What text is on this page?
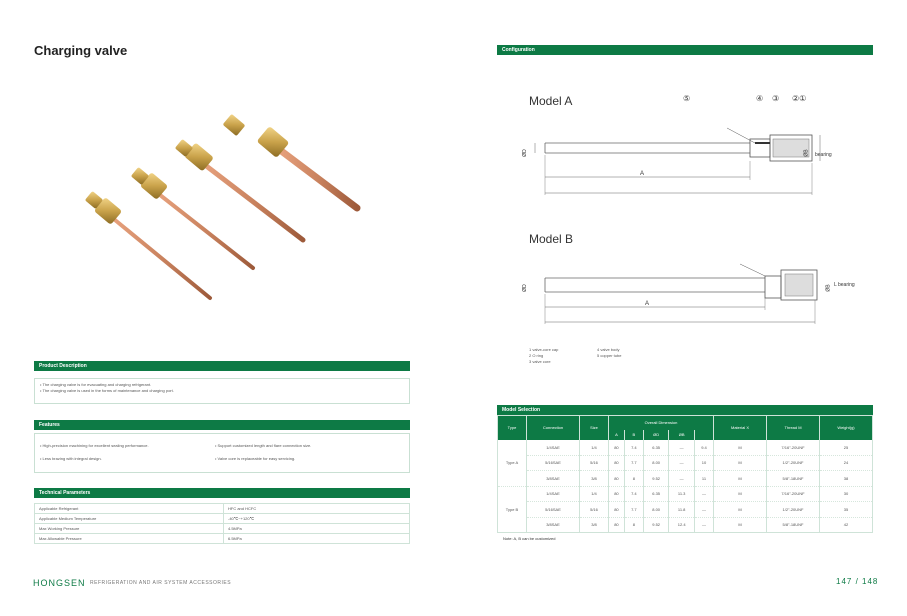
Charging valve
Product Description
• The charging valve is for evacuating and charging refrigerant.
• The charging valve is used in the forms of maintenance and charging port.
Features
• High-precision machining for excellent sealing performance.
• Less brazing with integral design.
• Support customized length and flare connection size.
• Valve core is replaceable for easy servicing.
Technical Parameters
Applicable Refrigerant	HFC and HCFC
Applicable Medium Temperature	-40℃~+120℃
Max Working Pressure	4.5MPa
Max Allowable Pressure	6.5MPa
HONGSEN REFRIGERATION AND AIR SYSTEM ACCESSORIES
Configuration
Model A	⑤	④ ③ ②①
ØD	ØB bearing
A
Model B
ØD	ØB L bearing
A
1 valve-core cap
2 O ring
3 valve core
4 valve body
5 copper tube
Model Selection
Type	Connection	Size	Overall Dimension					Material X	Thread M	Weight(g)
			A	B	ØD	ØB				
Type A	1/4SAE	1/4	80	7.4	6.35	—	9.4	M	7/16"-20UNF	25
	5/16SAE	5/16	80	7.7	8.00	—	10	M	1/2"-20UNF	24
	3/8SAE	3/8	80	8	9.52	—	11	M	5/8"-18UNF	38
Type B	1/4SAE	1/4	80	7.4	6.35	11.3	—	M	7/16"-20UNF	30
	5/16SAE	5/16	80	7.7	8.00	11.8	—	M	1/2"-20UNF	35
	3/8SAE	3/8	80	8	9.52	12.4	—	M	5/8"-18UNF	42
Note: A, B can be customized
147 / 148
